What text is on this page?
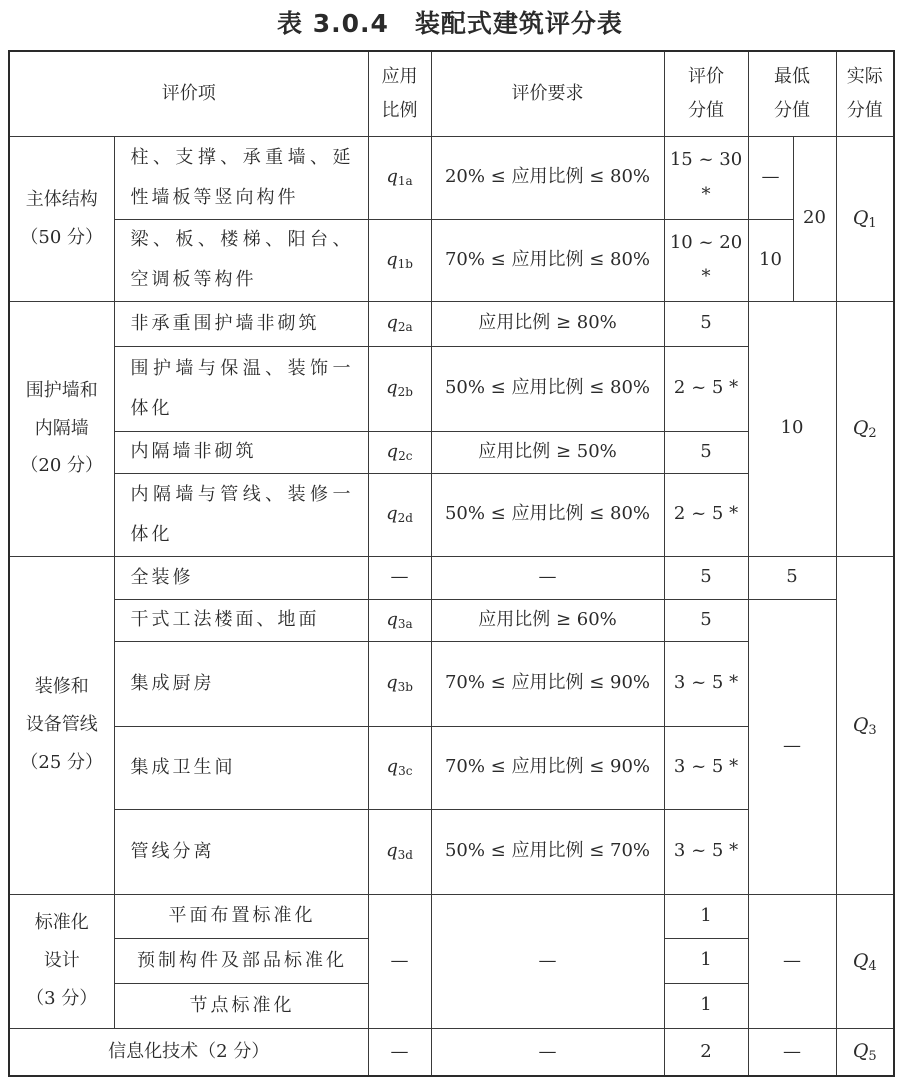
表 3.0.4　装配式建筑评分表
评价项		应用比例	评价要求	评价分值	最低分值		实际分值

主体结构
（50 分）	柱、支撑、承重墙、延性墙板等竖向构件	$q_{1a}$	20% ≤ 应用比例 ≤ 80%	15 ~ 30 *	—	20	$Q_1$
	梁、板、楼梯、阳台、空调板等构件	$q_{1b}$	70% ≤ 应用比例 ≤ 80%	10 ~ 20 *	10		

围护墙和
内隔墙
（20 分）	非承重围护墙非砌筑	$q_{2a}$	应用比例 ≥ 80%	5	10		$Q_2$
	围护墙与保温、装饰一体化	$q_{2b}$	50% ≤ 应用比例 ≤ 80%	2 ~ 5 *			
	内隔墙非砌筑	$q_{2c}$	应用比例 ≥ 50%	5			
	内隔墙与管线、装修一体化	$q_{2d}$	50% ≤ 应用比例 ≤ 80%	2 ~ 5 *			

装修和
设备管线
（25 分）	全装修	—	—	5	5		$Q_3$
	干式工法楼面、地面	$q_{3a}$	应用比例 ≥ 60%	5	—		
	集成厨房	$q_{3b}$	70% ≤ 应用比例 ≤ 90%	3 ~ 5 *			
	集成卫生间	$q_{3c}$	70% ≤ 应用比例 ≤ 90%	3 ~ 5 *			
	管线分离	$q_{3d}$	50% ≤ 应用比例 ≤ 70%	3 ~ 5 *			

标准化
设计
（3 分）	平面布置标准化	—	—	1	—		$Q_4$
	预制构件及部品标准化			1			
	节点标准化			1			
信息化技术（2 分）		—	—	2	—		$Q_5$
